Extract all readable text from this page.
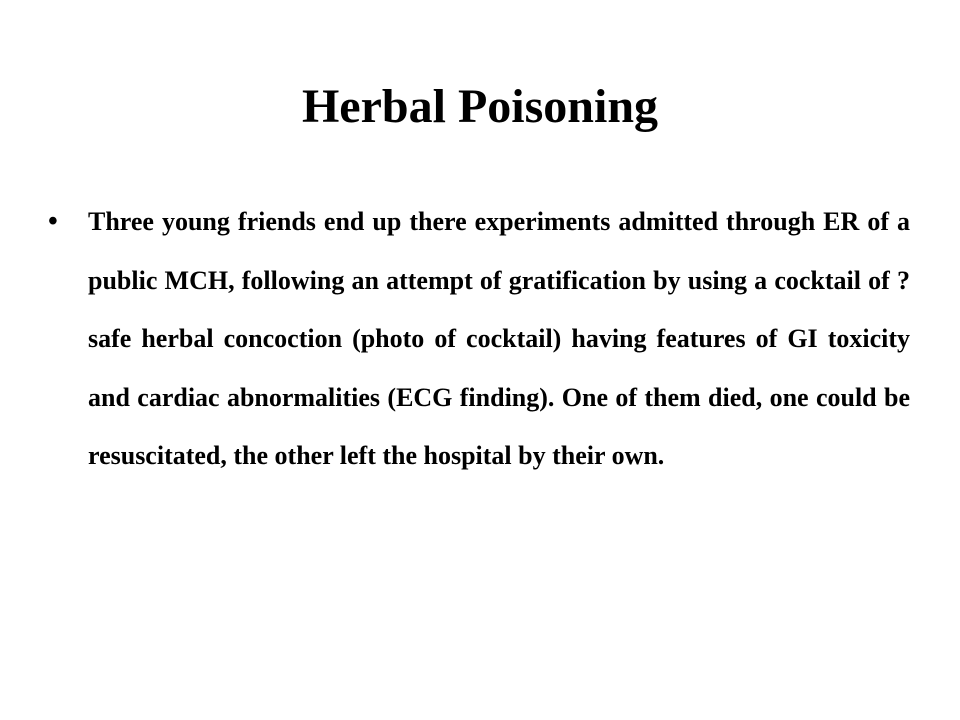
Herbal Poisoning
• Three young friends end up there experiments admitted through ER of a public MCH, following an attempt of gratification by using a cocktail of ?safe herbal concoction (photo of cocktail) having features of GI toxicity and cardiac abnormalities (ECG finding). One of them died, one could be resuscitated, the other left the hospital by their own.
